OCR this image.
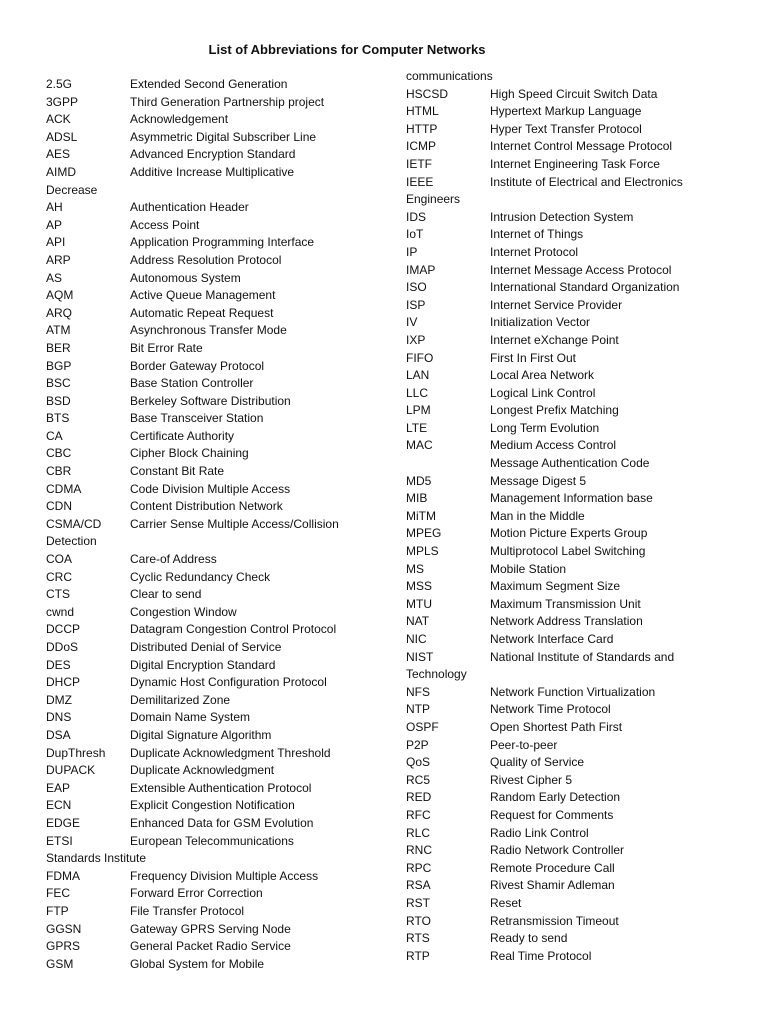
List of Abbreviations for Computer Networks
2.5G	Extended Second Generation
3GPP	Third Generation Partnership project
ACK	Acknowledgement
ADSL	Asymmetric Digital Subscriber Line
AES	Advanced Encryption Standard
AIMD	Additive Increase Multiplicative
Decrease
AH	Authentication Header
AP	Access Point
API	Application Programming Interface
ARP	Address Resolution Protocol
AS	Autonomous System
AQM	Active Queue Management
ARQ	Automatic Repeat Request
ATM	Asynchronous Transfer Mode
BER	Bit Error Rate
BGP	Border Gateway Protocol
BSC	Base Station Controller
BSD	Berkeley Software Distribution
BTS	Base Transceiver Station
CA	Certificate Authority
CBC	Cipher Block Chaining
CBR	Constant Bit Rate
CDMA	Code Division Multiple Access
CDN	Content Distribution Network
CSMA/CD Carrier Sense Multiple Access/Collision
Detection
COA	Care-of Address
CRC	Cyclic Redundancy Check
CTS	Clear to send
cwnd	Congestion Window
DCCP	Datagram Congestion Control Protocol
DDoS	Distributed Denial of Service
DES	Digital Encryption Standard
DHCP	Dynamic Host Configuration Protocol
DMZ	Demilitarized Zone
DNS	Domain Name System
DSA	Digital Signature Algorithm
DupThresh Duplicate Acknowledgment Threshold
DUPACK	Duplicate Acknowledgment
EAP	Extensible Authentication Protocol
ECN	Explicit Congestion Notification
EDGE	Enhanced Data for GSM Evolution
ETSI	European Telecommunications
Standards Institute
FDMA	Frequency Division Multiple Access
FEC	Forward Error Correction
FTP	File Transfer Protocol
GGSN	Gateway GPRS Serving Node
GPRS	General Packet Radio Service
GSM	Global System for Mobile
communications
HSCSD	High Speed Circuit Switch Data
HTML	Hypertext Markup Language
HTTP	Hyper Text Transfer Protocol
ICMP	Internet Control Message Protocol
IETF	Internet Engineering Task Force
IEEE	Institute of Electrical and Electronics
Engineers
IDS	Intrusion Detection System
IoT	Internet of Things
IP	Internet Protocol
IMAP	Internet Message Access Protocol
ISO	International Standard Organization
ISP	Internet Service Provider
IV	Initialization Vector
IXP	Internet eXchange Point
FIFO	First In First Out
LAN	Local Area Network
LLC	Logical Link Control
LPM	Longest Prefix Matching
LTE	Long Term Evolution
MAC	Medium Access Control
Message Authentication Code
MD5	Message Digest 5
MIB	Management Information base
MiTM	Man in the Middle
MPEG	Motion Picture Experts Group
MPLS	Multiprotocol Label Switching
MS	Mobile Station
MSS	Maximum Segment Size
MTU	Maximum Transmission Unit
NAT	Network Address Translation
NIC	Network Interface Card
NIST	National Institute of Standards and
Technology
NFS	Network Function Virtualization
NTP	Network Time Protocol
OSPF	Open Shortest Path First
P2P	Peer-to-peer
QoS	Quality of Service
RC5	Rivest Cipher 5
RED	Random Early Detection
RFC	Request for Comments
RLC	Radio Link Control
RNC	Radio Network Controller
RPC	Remote Procedure Call
RSA	Rivest Shamir Adleman
RST	Reset
RTO	Retransmission Timeout
RTS	Ready to send
RTP	Real Time Protocol
